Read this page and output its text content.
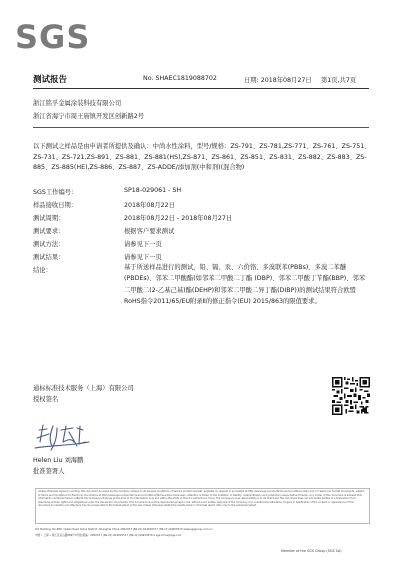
SGS
测试报告	No. SHAEC1819088702	日期: 2018年08月27日 第1页,共7页
浙江铭孚金属涂装科技有限公司
浙江省海宁市周王庙镇开发区创新路2号
以下测试之样品是由申请者所提供及确认：中尚水性涂料，型号/规格：ZS-791、ZS-781,ZS-771、ZS-761、ZS-751、ZS-731、ZS-721,ZS-891、ZS-881、ZS-881(HS),ZS-871、ZS-861、ZS-851、ZS-831、ZS-882、ZS-883、ZS-885、ZS-885(HE),ZS-886、ZS-887、ZS-ADDE/添加剂(中和剂)(混合物)
SGS工作编号：	SP18-029061 - SH
样品接收日期：	2018年08月22日
测试周期：	2018年08月22日 - 2018年08月27日
测试要求：	根据客户要求测试
测试方法：	请参见下一页
测试结果：	请参见下一页
结论：	基于所送样品进行的测试，铅、镉、汞、六价铬、多溴联苯(PBBs)、多溴二苯醚(PBDEs)、邻苯二甲酸酯(如邻苯二甲酸二丁酯 (DBP)、邻苯二甲酸丁苄酯(BBP)、邻苯二甲酸二(2-乙基己基)酯(DEHP)和邻苯二甲酸二异丁酯(DIBP))的测试结果符合欧盟RoHS指令2011/65/EU附录Ⅱ的修正指令(EU) 2015/863的限值要求。
通标标准技术服务（上海）有限公司
授权签名
Helen Liu 刘海鹏
批准签署人
Unless otherwise agreed in writing, this document is issued by the Company subject to its General Conditions of Service printed overleaf, available on request or accessible at http://www.sgs.com/en/Terms-and-Conditions.aspx and, for electronic format documents, subject to Terms and Conditions for Electronic Documents at http://www.sgs.com/en/Terms-and-Conditions/Terms-e-Document.aspx. Attention is drawn to the limitation of liability, indemnification and jurisdiction issues defined therein. Any holder of this document is advised that information contained hereon reflects the Company's findings at the time of its intervention only and within the limits of Client's instructions, if any. The Company's sole responsibility is to its Client and this document does not exonerate parties to a transaction from exercising all their rights and obligations under the transaction documents. This document cannot be reproduced except in full, without prior written approval of the Company. Any unauthorized alteration, forgery or falsification of the content or appearance of this document is unlawful and offenders may be prosecuted to the fullest extent of the law. Unless otherwise stated the results shown in this test report refer only to the sample(s) tested.
3rd Building, No.889, Yishan Road Xuhui District, Shanghai China 200233 t (86-21) 61402553 f (86-21) 64953679 www.sgsgroup.com.cn
中国 • 上海 • 徐汇区宜山路889号3号楼 邮编：200233 t (86-21) 61402553 f (86-21) 64953679 e sgs.china@sgs.com
Member of the SGS Group (SGS SA)
